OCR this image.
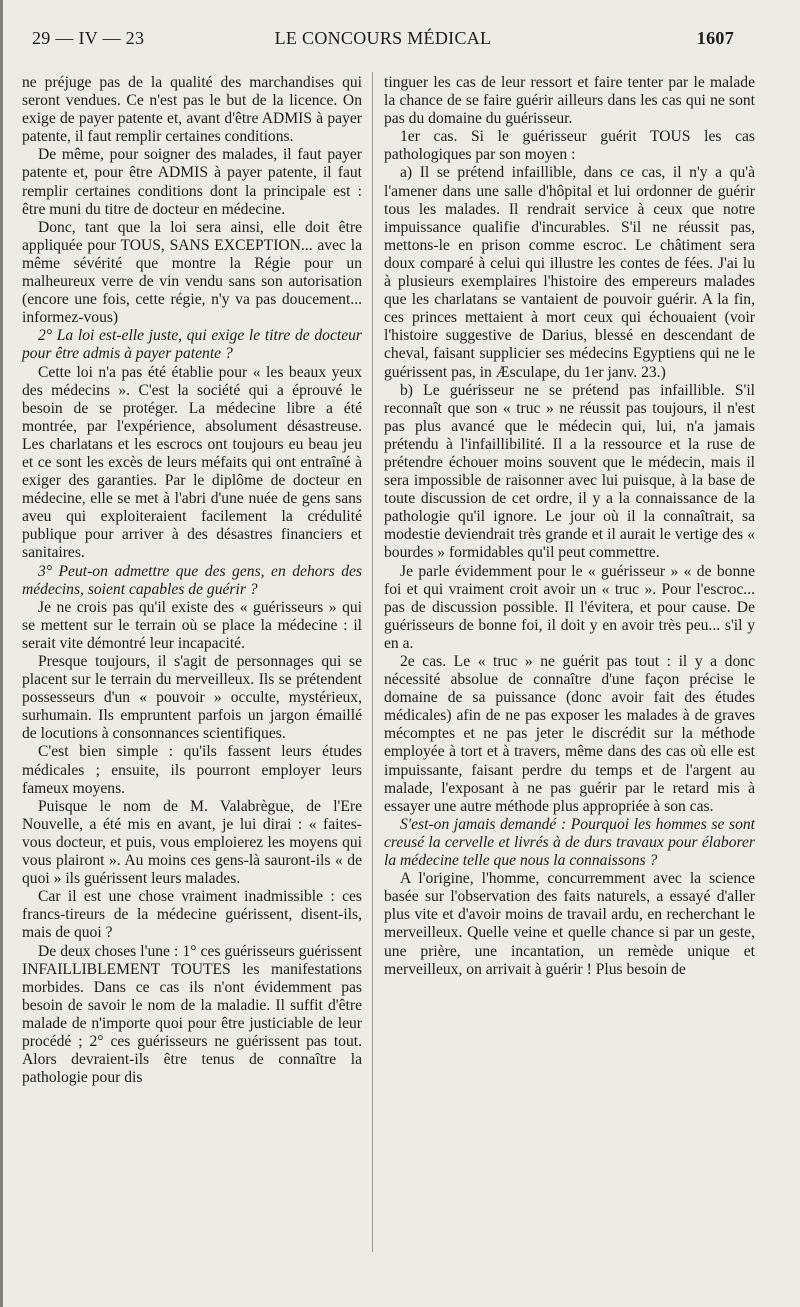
29 — IV — 23	LE CONCOURS MÉDICAL	1607

ne préjuge pas de la qualité des marchandises qui seront vendues. Ce n'est pas le but de la licence. On exige de payer patente et, avant d'être ADMIS à payer patente, il faut remplir certaines conditions.

De même, pour soigner des malades, il faut payer patente et, pour être ADMIS à payer patente, il faut remplir certaines conditions dont la principale est : être muni du titre de docteur en médecine.

Donc, tant que la loi sera ainsi, elle doit être appliquée pour TOUS, SANS EXCEPTION... avec la même sévérité que montre la Régie pour un malheureux verre de vin vendu sans son autorisation (encore une fois, cette régie, n'y va pas doucement... informez-vous)

2° La loi est-elle juste, qui exige le titre de docteur pour être admis à payer patente ?

Cette loi n'a pas été établie pour « les beaux yeux des médecins ». C'est la société qui a éprouvé le besoin de se protéger. La médecine libre a été montrée, par l'expérience, absolument désastreuse. Les charlatans et les escrocs ont toujours eu beau jeu et ce sont les excès de leurs méfaits qui ont entraîné à exiger des garanties. Par le diplôme de docteur en médecine, elle se met à l'abri d'une nuée de gens sans aveu qui exploiteraient facilement la crédulité publique pour arriver à des désastres financiers et sanitaires.

3° Peut-on admettre que des gens, en dehors des médecins, soient capables de guérir ?

Je ne crois pas qu'il existe des « guérisseurs » qui se mettent sur le terrain où se place la médecine : il serait vite démontré leur incapacité.

Presque toujours, il s'agit de personnages qui se placent sur le terrain du merveilleux. Ils se prétendent possesseurs d'un « pouvoir » occulte, mystérieux, surhumain. Ils empruntent parfois un jargon émaillé de locutions à consonnances scientifiques.

C'est bien simple : qu'ils fassent leurs études médicales ; ensuite, ils pourront employer leurs fameux moyens.

Puisque le nom de M. Valabrègue, de l'Ere Nouvelle, a été mis en avant, je lui dirai : « faites-vous docteur, et puis, vous emploierez les moyens qui vous plairont ». Au moins ces gens-là sauront-ils « de quoi » ils guérissent leurs malades.

Car il est une chose vraiment inadmissible : ces francs-tireurs de la médecine guérissent, disent-ils, mais de quoi ?

De deux choses l'une : 1° ces guérisseurs guérissent INFAILLIBLEMENT TOUTES les manifestations morbides. Dans ce cas ils n'ont évidemment pas besoin de savoir le nom de la maladie. Il suffit d'être malade de n'importe quoi pour être justiciable de leur procédé ; 2° ces guérisseurs ne guérissent pas tout. Alors devraient-ils être tenus de connaître la pathologie pour dis

tinguer les cas de leur ressort et faire tenter par le malade la chance de se faire guérir ailleurs dans les cas qui ne sont pas du domaine du guérisseur.

1er cas. Si le guérisseur guérit TOUS les cas pathologiques par son moyen :

a) Il se prétend infaillible, dans ce cas, il n'y a qu'à l'amener dans une salle d'hôpital et lui ordonner de guérir tous les malades. Il rendrait service à ceux que notre impuissance qualifie d'incurables. S'il ne réussit pas, mettons-le en prison comme escroc. Le châtiment sera doux comparé à celui qui illustre les contes de fées. J'ai lu à plusieurs exemplaires l'histoire des empereurs malades que les charlatans se vantaient de pouvoir guérir. A la fin, ces princes mettaient à mort ceux qui échouaient (voir l'histoire suggestive de Darius, blessé en descendant de cheval, faisant supplicier ses médecins Egyptiens qui ne le guérissent pas, in Æsculape, du 1er janv. 23.)

b) Le guérisseur ne se prétend pas infaillible. S'il reconnaît que son « truc » ne réussit pas toujours, il n'est pas plus avancé que le médecin qui, lui, n'a jamais prétendu à l'infaillibilité. Il a la ressource et la ruse de prétendre échouer moins souvent que le médecin, mais il sera impossible de raisonner avec lui puisque, à la base de toute discussion de cet ordre, il y a la connaissance de la pathologie qu'il ignore. Le jour où il la connaîtrait, sa modestie deviendrait très grande et il aurait le vertige des « bourdes » formidables qu'il peut commettre.

Je parle évidemment pour le « guérisseur » « de bonne foi et qui vraiment croit avoir un « truc ». Pour l'escroc... pas de discussion possible. Il l'évitera, et pour cause. De guérisseurs de bonne foi, il doit y en avoir très peu... s'il y en a.

2e cas. Le « truc » ne guérit pas tout : il y a donc nécessité absolue de connaître d'une façon précise le domaine de sa puissance (donc avoir fait des études médicales) afin de ne pas exposer les malades à de graves mécomptes et ne pas jeter le discrédit sur la méthode employée à tort et à travers, même dans des cas où elle est impuissante, faisant perdre du temps et de l'argent au malade, l'exposant à ne pas guérir par le retard mis à essayer une autre méthode plus appropriée à son cas.

S'est-on jamais demandé : Pourquoi les hommes se sont creusé la cervelle et livrés à de durs travaux pour élaborer la médecine telle que nous la connaissons ?

A l'origine, l'homme, concurremment avec la science basée sur l'observation des faits naturels, a essayé d'aller plus vite et d'avoir moins de travail ardu, en recherchant le merveilleux. Quelle veine et quelle chance si par un geste, une prière, une incantation, un remède unique et merveilleux, on arrivait à guérir ! Plus besoin de
